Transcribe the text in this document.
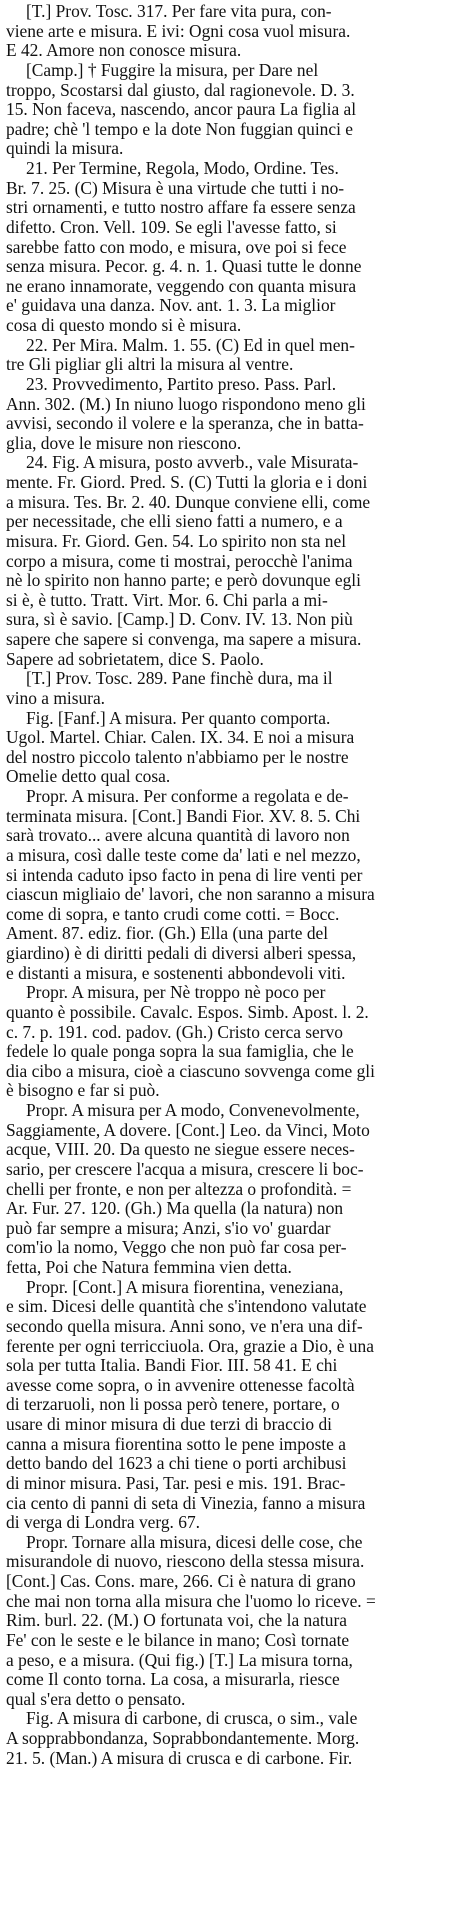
[T.] Prov. Tosc. 317. Per fare vita pura, con-
viene arte e misura. E ivi: Ogni cosa vuol misura.
E 42. Amore non conosce misura.
[Camp.] † Fuggire la misura, per Dare nel
troppo, Scostarsi dal giusto, dal ragionevole. D. 3.
15. Non faceva, nascendo, ancor paura La figlia al
padre; chè 'l tempo e la dote Non fuggian quinci e
quindi la misura.
21. Per Termine, Regola, Modo, Ordine. Tes.
Br. 7. 25. (C) Misura è una virtude che tutti i no-
stri ornamenti, e tutto nostro affare fa essere senza
difetto. Cron. Vell. 109. Se egli l'avesse fatto, si
sarebbe fatto con modo, e misura, ove poi si fece
senza misura. Pecor. g. 4. n. 1. Quasi tutte le donne
ne erano innamorate, veggendo con quanta misura
e' guidava una danza. Nov. ant. 1. 3. La miglior
cosa di questo mondo si è misura.
22. Per Mira. Malm. 1. 55. (C) Ed in quel men-
tre Gli pigliar gli altri la misura al ventre.
23. Provvedimento, Partito preso. Pass. Parl.
Ann. 302. (M.) In niuno luogo rispondono meno gli
avvisi, secondo il volere e la speranza, che in batta-
glia, dove le misure non riescono.
24. Fig. A misura, posto avverb., vale Misurata-
mente. Fr. Giord. Pred. S. (C) Tutti la gloria e i doni
a misura. Tes. Br. 2. 40. Dunque conviene elli, come
per necessitade, che elli sieno fatti a numero, e a
misura. Fr. Giord. Gen. 54. Lo spirito non sta nel
corpo a misura, come ti mostrai, perocchè l'anima
nè lo spirito non hanno parte; e però dovunque egli
si è, è tutto. Tratt. Virt. Mor. 6. Chi parla a mi-
sura, sì è savio. [Camp.] D. Conv. IV. 13. Non più
sapere che sapere si convenga, ma sapere a misura.
Sapere ad sobrietatem, dice S. Paolo.
[T.] Prov. Tosc. 289. Pane finchè dura, ma il
vino a misura.
Fig. [Fanf.] A misura. Per quanto comporta.
Ugol. Martel. Chiar. Calen. IX. 34. E noi a misura
del nostro piccolo talento n'abbiamo per le nostre
Omelie detto qual cosa.
Propr. A misura. Per conforme a regolata e de-
terminata misura. [Cont.] Bandi Fior. XV. 8. 5. Chi
sarà trovato... avere alcuna quantità di lavoro non
a misura, così dalle teste come da' lati e nel mezzo,
si intenda caduto ipso facto in pena di lire venti per
ciascun migliaio de' lavori, che non saranno a misura
come di sopra, e tanto crudi come cotti. = Bocc.
Ament. 87. ediz. fior. (Gh.) Ella (una parte del
giardino) è di diritti pedali di diversi alberi spessa,
e distanti a misura, e sostenenti abbondevoli viti.
Propr. A misura, per Nè troppo nè poco per
quanto è possibile. Cavalc. Espos. Simb. Apost. l. 2.
c. 7. p. 191. cod. padov. (Gh.) Cristo cerca servo
fedele lo quale ponga sopra la sua famiglia, che le
dia cibo a misura, cioè a ciascuno sovvenga come gli
è bisogno e far si può.
Propr. A misura per A modo, Convenevolmente,
Saggiamente, A dovere. [Cont.] Leo. da Vinci, Moto
acque, VIII. 20. Da questo ne siegue essere neces-
sario, per crescere l'acqua a misura, crescere li boc-
chelli per fronte, e non per altezza o profondità. =
Ar. Fur. 27. 120. (Gh.) Ma quella (la natura) non
può far sempre a misura; Anzi, s'io vo' guardar
com'io la nomo, Veggo che non può far cosa per-
fetta, Poi che Natura femmina vien detta.
Propr. [Cont.] A misura fiorentina, veneziana,
e sim. Dicesi delle quantità che s'intendono valutate
secondo quella misura. Anni sono, ve n'era una dif-
ferente per ogni terricciuola. Ora, grazie a Dio, è una
sola per tutta Italia. Bandi Fior. III. 58 41. E chi
avesse come sopra, o in avvenire ottenesse facoltà
di terzaruoli, non li possa però tenere, portare, o
usare di minor misura di due terzi di braccio di
canna a misura fiorentina sotto le pene imposte a
detto bando del 1623 a chi tiene o porti archibusi
di minor misura. Pasi, Tar. pesi e mis. 191. Brac-
cia cento di panni di seta di Vinezia, fanno a misura
di verga di Londra verg. 67.
Propr. Tornare alla misura, dicesi delle cose, che
misurandole di nuovo, riescono della stessa misura.
[Cont.] Cas. Cons. mare, 266. Ci è natura di grano
che mai non torna alla misura che l'uomo lo riceve. =
Rim. burl. 22. (M.) O fortunata voi, che la natura
Fe' con le seste e le bilance in mano; Così tornate
a peso, e a misura. (Qui fig.) [T.] La misura torna,
come Il conto torna. La cosa, a misurarla, riesce
qual s'era detto o pensato.
Fig. A misura di carbone, di crusca, o sim., vale
A sopprabbondanza, Soprabbondantemente. Morg.
21. 5. (Man.) A misura di crusca e di carbone. Fir.
